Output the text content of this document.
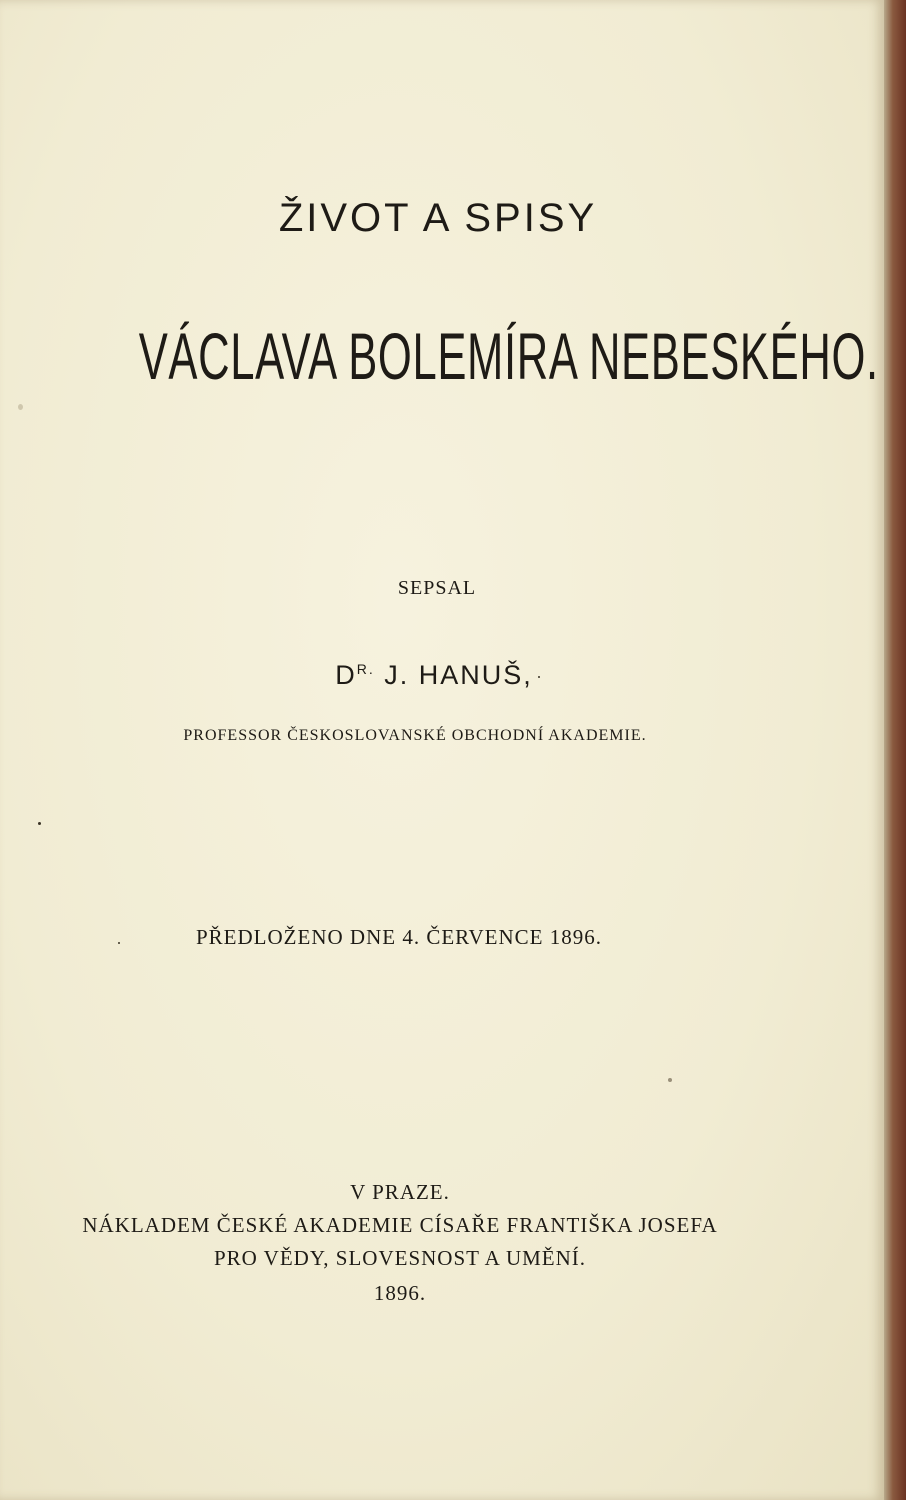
ŽIVOT A SPISY
VÁCLAVA BOLEMÍRA NEBESKÉHO.
SEPSAL
$D^{R.}$ J. HANUŠ,
PROFESSOR ČESKOSLOVANSKÉ OBCHODNÍ AKADEMIE.
PŘEDLOŽENO DNE 4. ČERVENCE 1896.
V PRAZE.
NÁKLADEM ČESKÉ AKADEMIE CÍSAŘE FRANTIŠKA JOSEFA
PRO VĚDY, SLOVESNOST A UMĚNÍ.
1896.
